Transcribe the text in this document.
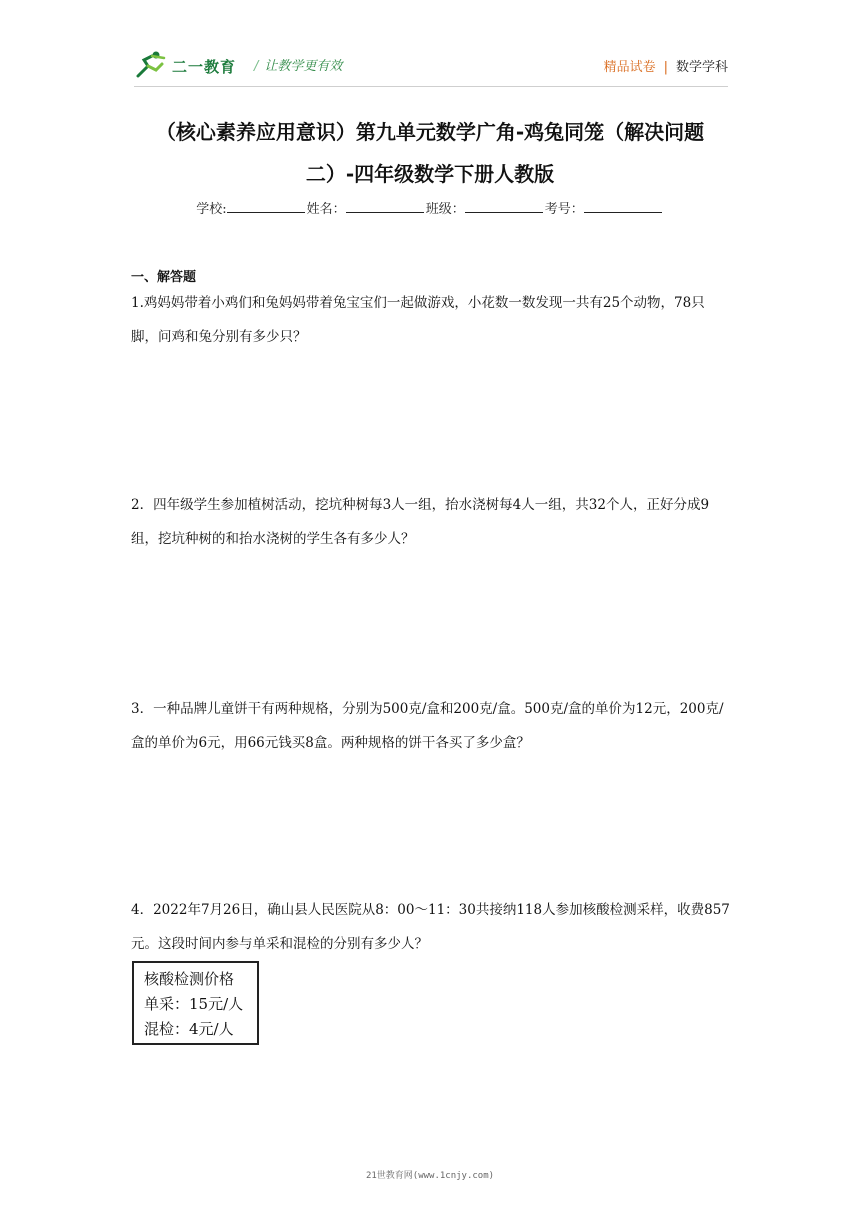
二一教育 / 让教学更有效	精品试卷 | 数学学科
（核心素养应用意识）第九单元数学广角-鸡兔同笼（解决问题
二）-四年级数学下册人教版
学校:	姓名：	班级：	考号：
一、解答题
1.鸡妈妈带着小鸡们和兔妈妈带着兔宝宝们一起做游戏，小花数一数发现一共有25个动物，78只脚，问鸡和兔分别有多少只？
2．四年级学生参加植树活动，挖坑种树每3人一组，抬水浇树每4人一组，共32个人，正好分成9组，挖坑种树的和抬水浇树的学生各有多少人？
3．一种品牌儿童饼干有两种规格，分别为500克/盒和200克/盒。500克/盒的单价为12元，200克/盒的单价为6元，用66元钱买8盒。两种规格的饼干各买了多少盒？
4．2022年7月26日，确山县人民医院从8：00～11：30共接纳118人参加核酸检测采样，收费857元。这段时间内参与单采和混检的分别有多少人？
核酸检测价格
单采：15元/人
混检：4元/人
21世教育网(www.1cnjy.com)
